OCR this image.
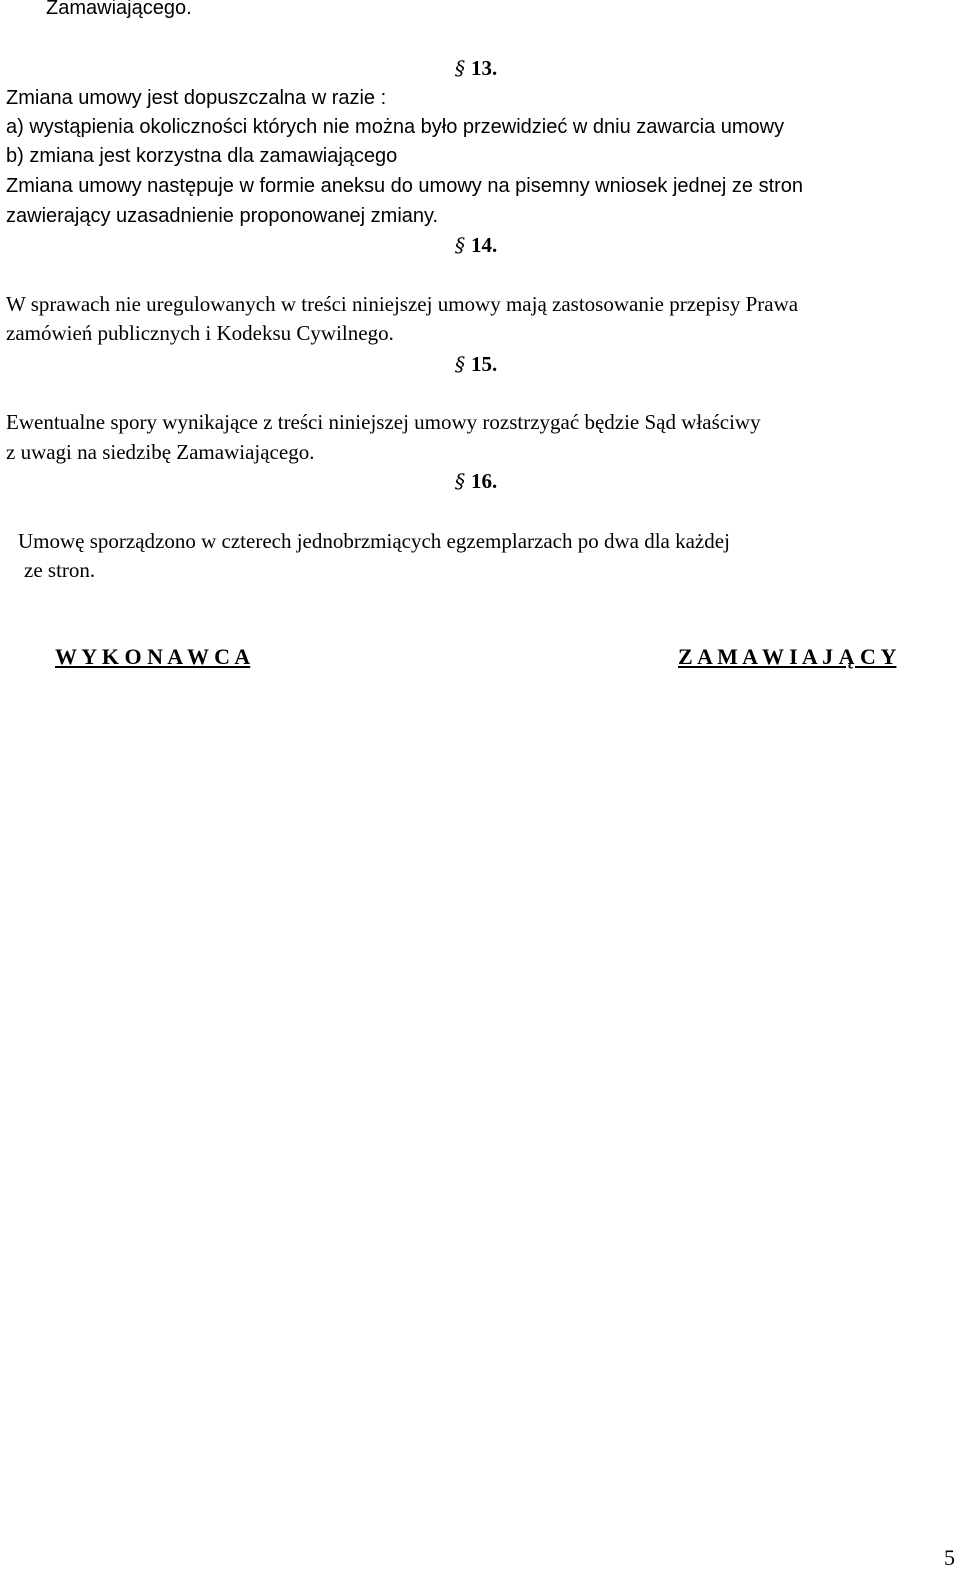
Zamawiającego.

§ 13.

Zmiana umowy jest dopuszczalna w razie :

a) wystąpienia okoliczności których nie można było przewidzieć w dniu zawarcia umowy

b) zmiana jest korzystna dla zamawiającego

Zmiana umowy następuje w formie aneksu do umowy na pisemny wniosek jednej ze stron

zawierający uzasadnienie proponowanej zmiany.

§ 14.

W sprawach nie uregulowanych w treści niniejszej umowy mają zastosowanie przepisy Prawa

zamówień publicznych i Kodeksu Cywilnego.

§ 15.

Ewentualne spory wynikające z treści niniejszej umowy rozstrzygać będzie Sąd właściwy

z uwagi na siedzibę Zamawiającego.

§ 16.

Umowę sporządzono w czterech jednobrzmiących egzemplarzach po dwa dla każdej

ze stron.

W Y K O N A W C A	Z A M A W I A J Ą C Y
5
